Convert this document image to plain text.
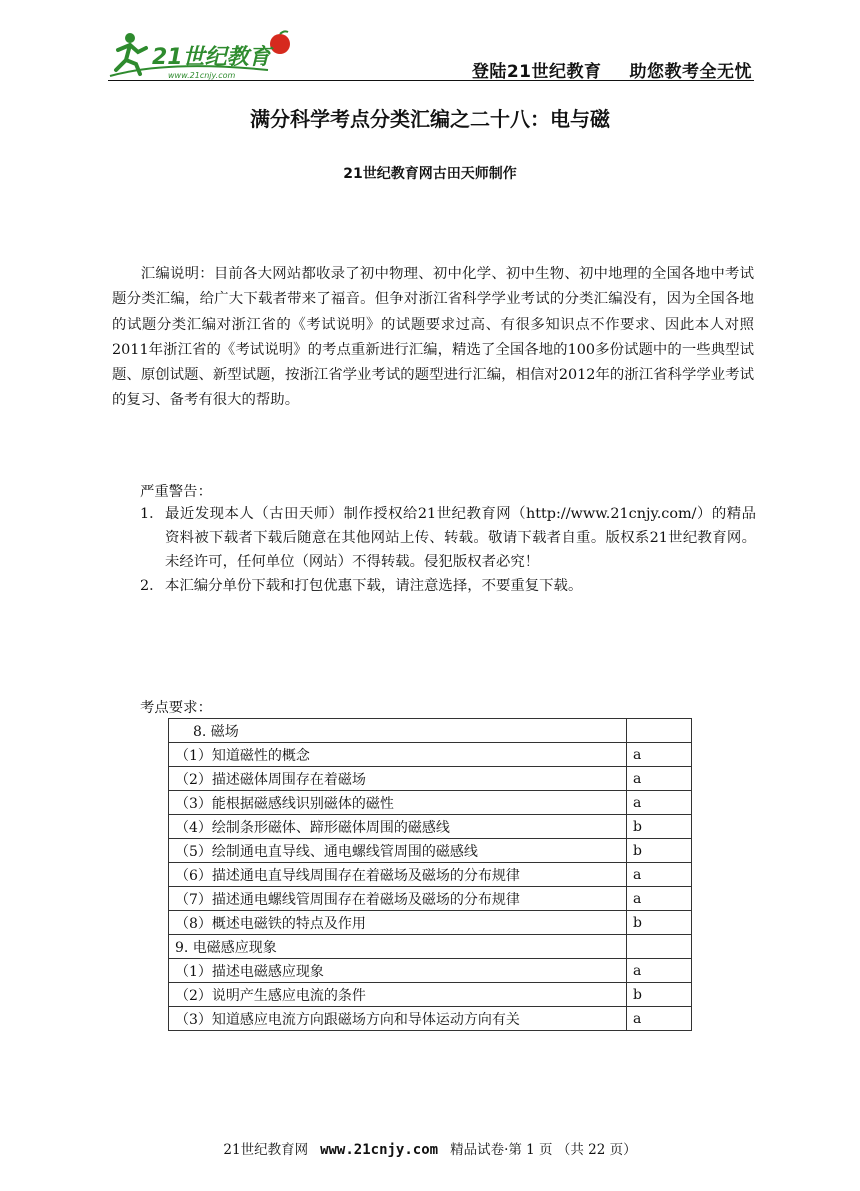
21世纪教育
www.21cnjy.com	登陆21世纪教育 助您教考全无忧
满分科学考点分类汇编之二十八：电与磁
21世纪教育网古田天师制作

汇编说明：目前各大网站都收录了初中物理、初中化学、初中生物、初中地理的全国各地中考试题分类汇编，给广大下载者带来了福音。但争对浙江省科学学业考试的分类汇编没有，因为全国各地的试题分类汇编对浙江省的《考试说明》的试题要求过高、有很多知识点不作要求、因此本人对照2011年浙江省的《考试说明》的考点重新进行汇编，精选了全国各地的100多份试题中的一些典型试题、原创试题、新型试题，按浙江省学业考试的题型进行汇编，相信对2012年的浙江省科学学业考试的复习、备考有很大的帮助。

严重警告：
1． 最近发现本人（古田天师）制作授权给21世纪教育网（http://www.21cnjy.com/）的精品资料被下载者下载后随意在其他网站上传、转载。敬请下载者自重。版权系21世纪教育网。未经许可，任何单位（网站）不得转载。侵犯版权者必究！
2． 本汇编分单份下载和打包优惠下载，请注意选择，不要重复下载。
考点要求：
8. 磁场	
（1）知道磁性的概念	a
（2）描述磁体周围存在着磁场	a
（3）能根据磁感线识别磁体的磁性	a
（4）绘制条形磁体、蹄形磁体周围的磁感线	b
（5）绘制通电直导线、通电螺线管周围的磁感线	b
（6）描述通电直导线周围存在着磁场及磁场的分布规律	a
（7）描述通电螺线管周围存在着磁场及磁场的分布规律	a
（8）概述电磁铁的特点及作用	b
9. 电磁感应现象	
（1）描述电磁感应现象	a
（2）说明产生感应电流的条件	b
（3）知道感应电流方向跟磁场方向和导体运动方向有关	a
21世纪教育网 www.21cnjy.com 精品试卷·第 1 页 （共 22 页）
